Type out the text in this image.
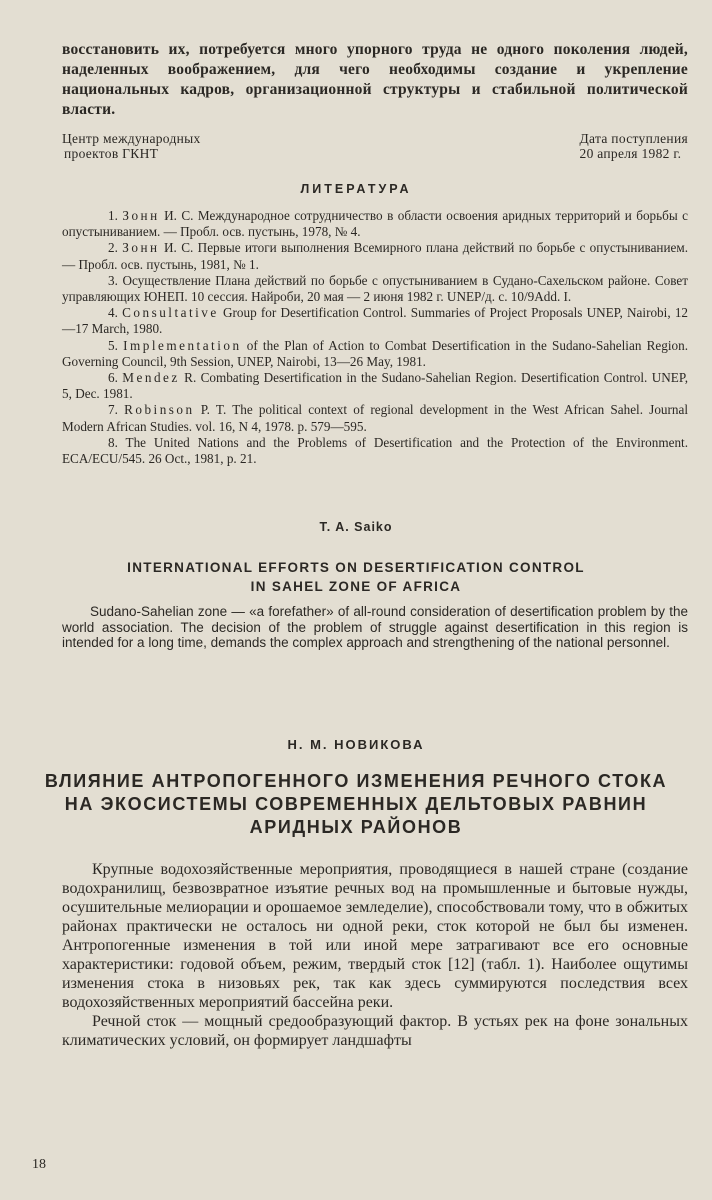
восстановить их, потребуется много упорного труда не одного поколения людей, наделенных воображением, для чего необходимы создание и укрепление национальных кадров, организационной структуры и стабильной политической власти.

Центр международных
проектов ГКНТ
Дата поступления
20 апреля 1982 г.
ЛИТЕРАТУРА

1. Зонн И. С. Международное сотрудничество в области освоения аридных территорий и борьбы с опустыниванием. — Пробл. осв. пустынь, 1978, № 4.

2. Зонн И. С. Первые итоги выполнения Всемирного плана действий по борьбе с опустыниванием. — Пробл. осв. пустынь, 1981, № 1.

3. Осуществление Плана действий по борьбе с опустыниванием в Судано-Сахельском районе. Совет управляющих ЮНЕП. 10 сессия. Найроби, 20 мая — 2 июня 1982 г. UNEP/д. с. 10/9Add. I.

4. Consultative Group for Desertification Control. Summaries of Project Proposals UNEP, Nairobi, 12—17 March, 1980.

5. Implementation of the Plan of Action to Combat Desertification in the Sudano-Sahelian Region. Governing Council, 9th Session, UNEP, Nairobi, 13—26 May, 1981.

6. Mendez R. Combating Desertification in the Sudano-Sahelian Region. Desertification Control. UNEP, 5, Dec. 1981.

7. Robinson P. T. The political context of regional development in the West African Sahel. Journal Modern African Studies. vol. 16, N 4, 1978. p. 579—595.

8. The United Nations and the Problems of Desertification and the Protection of the Environment. ECA/ECU/545. 26 Oct., 1981, p. 21.

T. A. Saiko
INTERNATIONAL EFFORTS ON DESERTIFICATION CONTROL
IN SAHEL ZONE OF AFRICA

Sudano-Sahelian zone — «a forefather» of all-round consideration of desertification problem by the world association. The decision of the problem of struggle against desertification in this region is intended for a long time, demands the complex approach and strengthening of the national personnel.

Н. М. НОВИКОВА
ВЛИЯНИЕ АНТРОПОГЕННОГО ИЗМЕНЕНИЯ РЕЧНОГО СТОКА
НА ЭКОСИСТЕМЫ СОВРЕМЕННЫХ ДЕЛЬТОВЫХ РАВНИН
АРИДНЫХ РАЙОНОВ

Крупные водохозяйственные мероприятия, проводящиеся в нашей стране (создание водохранилищ, безвозвратное изъятие речных вод на промышленные и бытовые нужды, осушительные мелиорации и орошаемое земледелие), способствовали тому, что в обжитых районах практически не осталось ни одной реки, сток которой не был бы изменен. Антропогенные изменения в той или иной мере затрагивают все его основные характеристики: годовой объем, режим, твердый сток [12] (табл. 1). Наиболее ощутимы изменения стока в низовьях рек, так как здесь суммируются последствия всех водохозяйственных мероприятий бассейна реки.

Речной сток — мощный средообразующий фактор. В устьях рек на фоне зональных климатических условий, он формирует ландшафты

18
